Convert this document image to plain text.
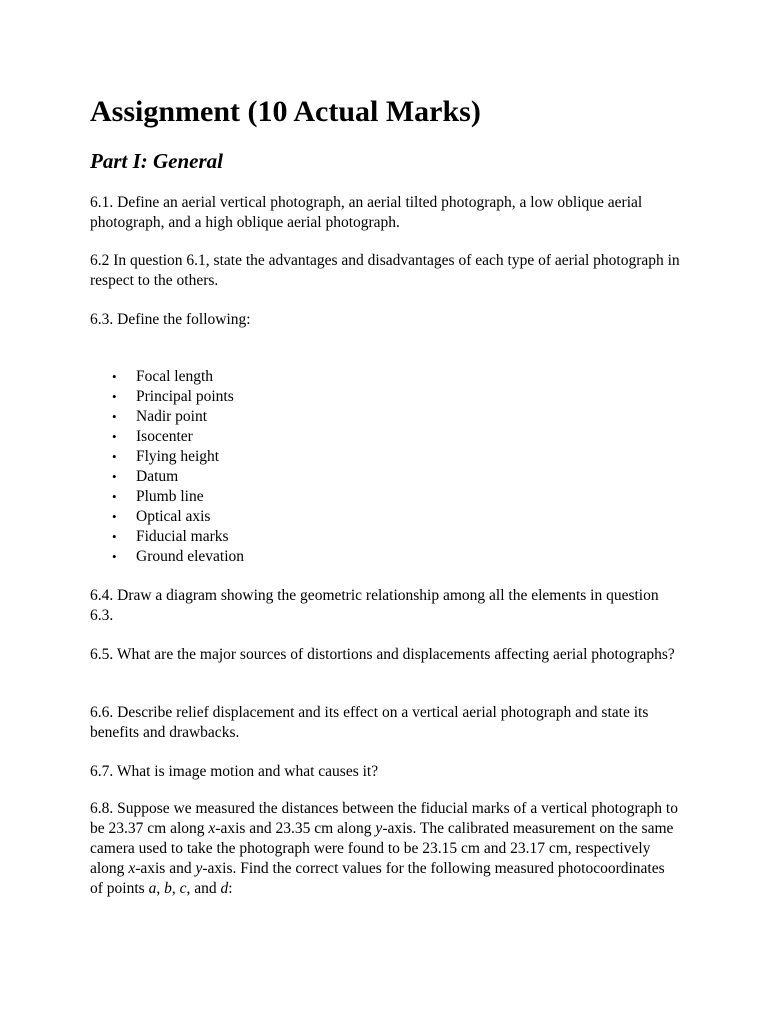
Assignment (10 Actual Marks)
Part I: General

6.1. Define an aerial vertical photograph, an aerial tilted photograph, a low oblique aerial photograph, and a high oblique aerial photograph.

6.2 In question 6.1, state the advantages and disadvantages of each type of aerial photograph in respect to the others.

6.3. Define the following:

• Focal length
• Principal points
• Nadir point
• Isocenter
• Flying height
• Datum
• Plumb line
• Optical axis
• Fiducial marks
• Ground elevation

6.4. Draw a diagram showing the geometric relationship among all the elements in question 6.3.

6.5. What are the major sources of distortions and displacements affecting aerial photographs?

6.6. Describe relief displacement and its effect on a vertical aerial photograph and state its benefits and drawbacks.

6.7. What is image motion and what causes it?

6.8. Suppose we measured the distances between the fiducial marks of a vertical photograph to be 23.37 cm along x-axis and 23.35 cm along y-axis. The calibrated measurement on the same camera used to take the photograph were found to be 23.15 cm and 23.17 cm, respectively along x-axis and y-axis. Find the correct values for the following measured photocoordinates of points a, b, c, and d:
